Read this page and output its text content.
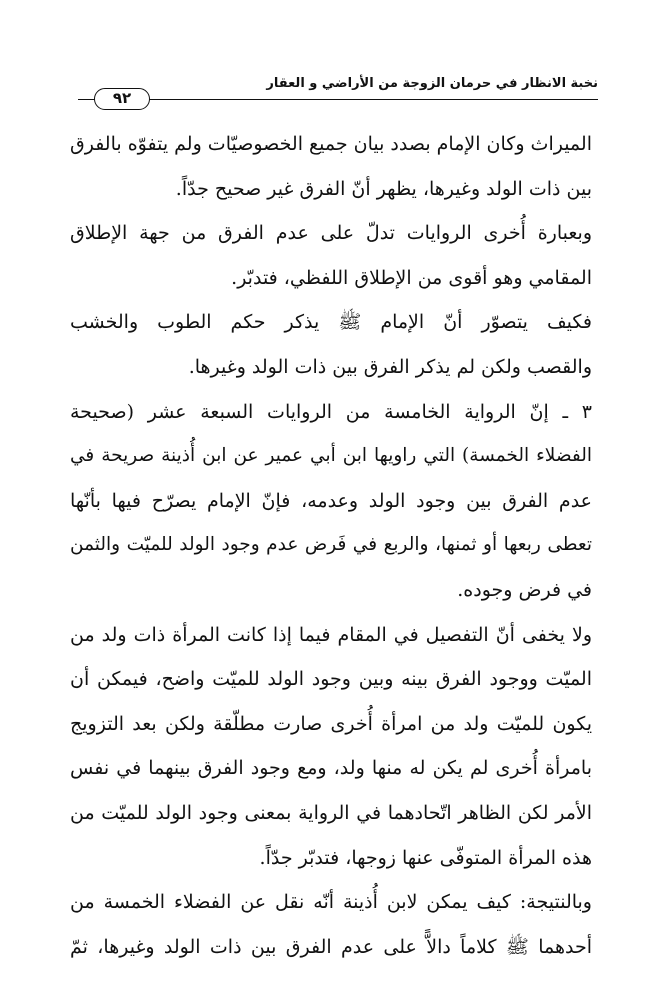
نخبة الانظار في حرمان الزوجة من الأراضي و العقار
٩٢
الميراث وكان الإمام بصدد بيان جميع الخصوصيّات ولم يتفوّه بالفرق
بين ذات الولد وغيرها، يظهر أنّ الفرق غير صحيح جدّاً.
وبعبارة أُخرى الروايات تدلّ على عدم الفرق من جهة الإطلاق
المقامي وهو أقوى من الإطلاق اللفظي، فتدبّر.
فكيف يتصوّر أنّ الإمام ﷺ يذكر حكم الطوب والخشب
والقصب ولكن لم يذكر الفرق بين ذات الولد وغيرها.
٣ ـ إنّ الرواية الخامسة من الروايات السبعة عشر (صحيحة
الفضلاء الخمسة) التي راويها ابن أبي عمير عن ابن أُذينة صريحة في
عدم الفرق بين وجود الولد وعدمه، فإنّ الإمام يصرّح فيها بأنّها
تعطى ربعها أو ثمنها، والربع في فَرض عدم وجود الولد للميّت والثمن
في فرض وجوده.
ولا يخفى أنّ التفصيل في المقام فيما إذا كانت المرأة ذات ولد من
الميّت ووجود الفرق بينه وبين وجود الولد للميّت واضح، فيمكن أن
يكون للميّت ولد من امرأة أُخرى صارت مطلّقة ولكن بعد التزويج
بامرأة أُخرى لم يكن له منها ولد، ومع وجود الفرق بينهما في نفس
الأمر لكن الظاهر اتّحادهما في الرواية بمعنى وجود الولد للميّت من
هذه المرأة المتوفّى عنها زوجها، فتدبّر جدّاً.
وبالنتيجة: كيف يمكن لابن أُذينة أنّه نقل عن الفضلاء الخمسة من
أحدهما ﷺ كلاماً دالاًّ على عدم الفرق بين ذات الولد وغيرها، ثمّ
